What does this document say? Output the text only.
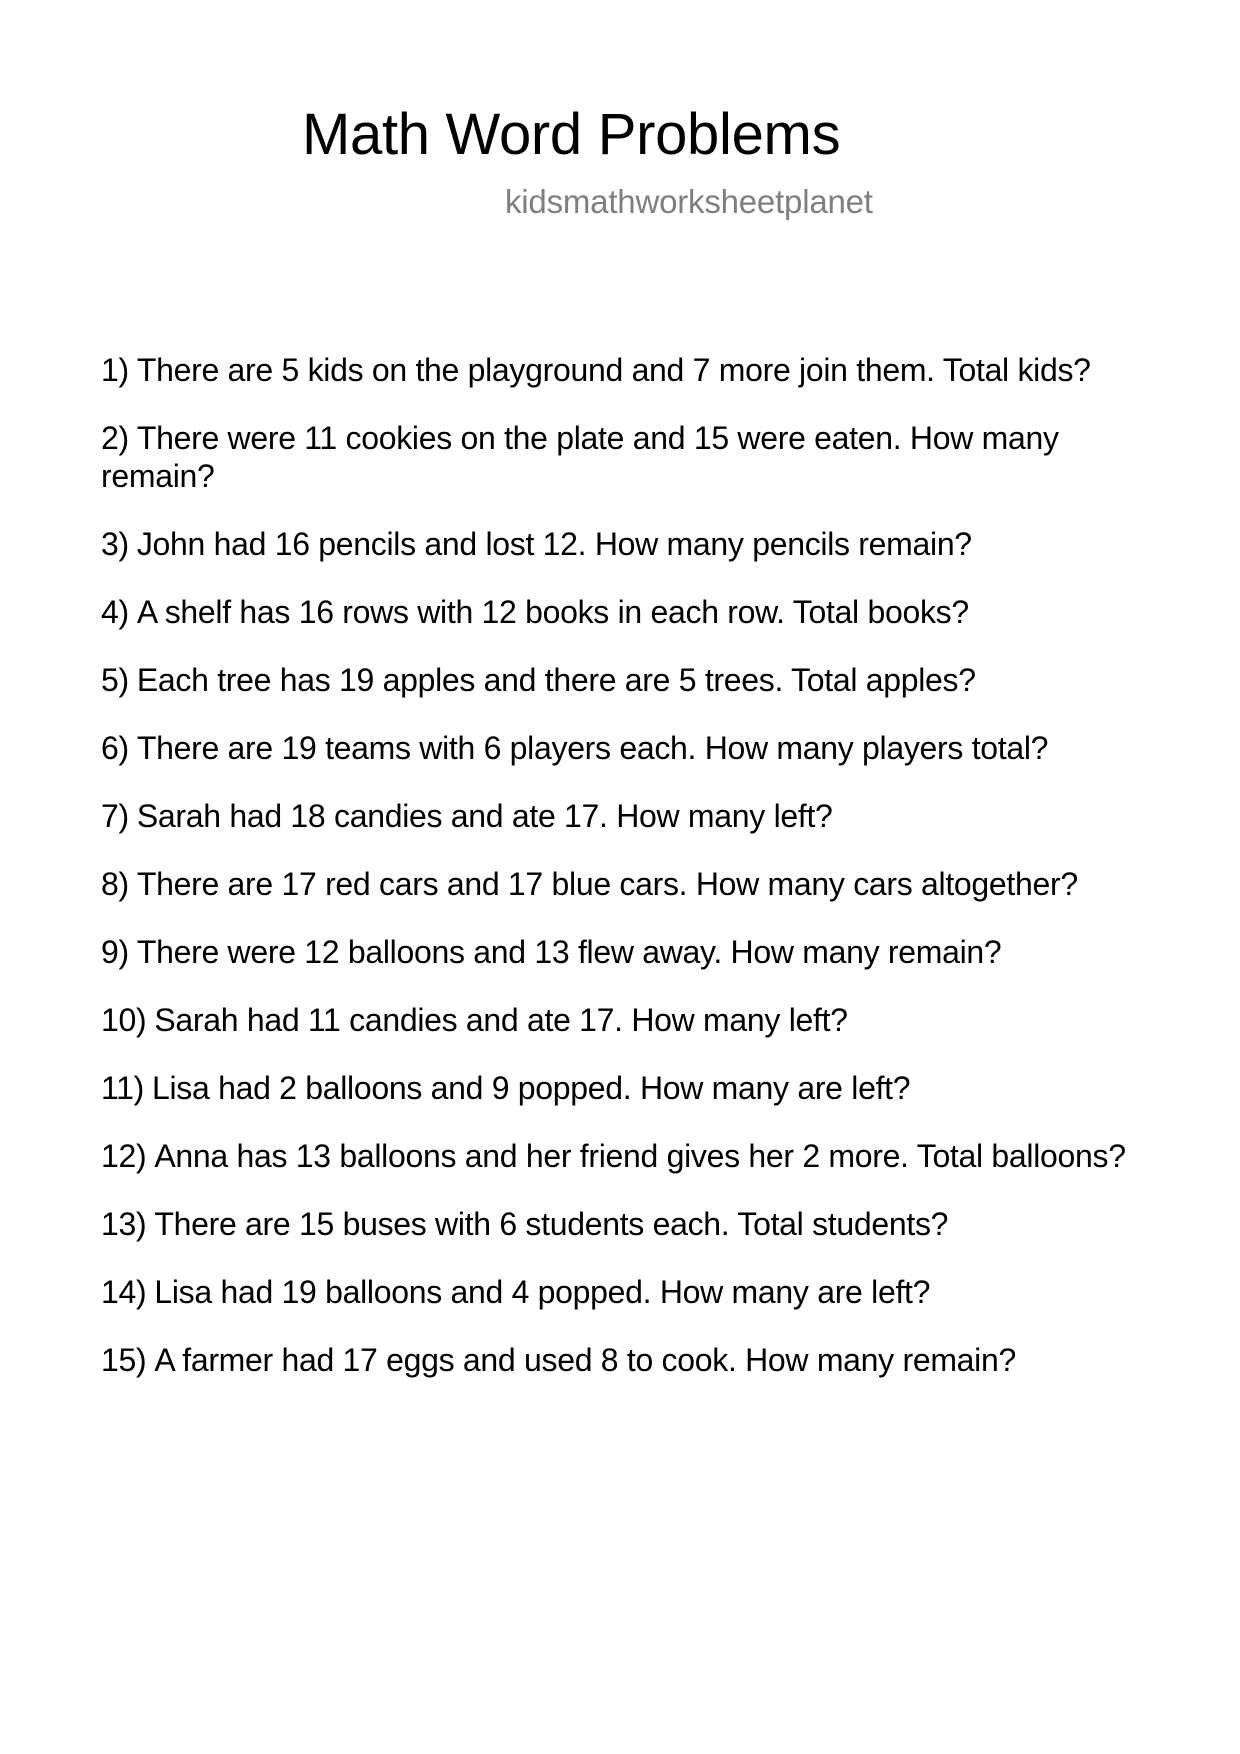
Math Word Problems
kidsmathworksheetplanet
1) There are 5 kids on the playground and 7 more join them. Total kids?
2) There were 11 cookies on the plate and 15 were eaten. How many remain?
3) John had 16 pencils and lost 12. How many pencils remain?
4) A shelf has 16 rows with 12 books in each row. Total books?
5) Each tree has 19 apples and there are 5 trees. Total apples?
6) There are 19 teams with 6 players each. How many players total?
7) Sarah had 18 candies and ate 17. How many left?
8) There are 17 red cars and 17 blue cars. How many cars altogether?
9) There were 12 balloons and 13 flew away. How many remain?
10) Sarah had 11 candies and ate 17. How many left?
11) Lisa had 2 balloons and 9 popped. How many are left?
12) Anna has 13 balloons and her friend gives her 2 more. Total balloons?
13) There are 15 buses with 6 students each. Total students?
14) Lisa had 19 balloons and 4 popped. How many are left?
15) A farmer had 17 eggs and used 8 to cook. How many remain?
